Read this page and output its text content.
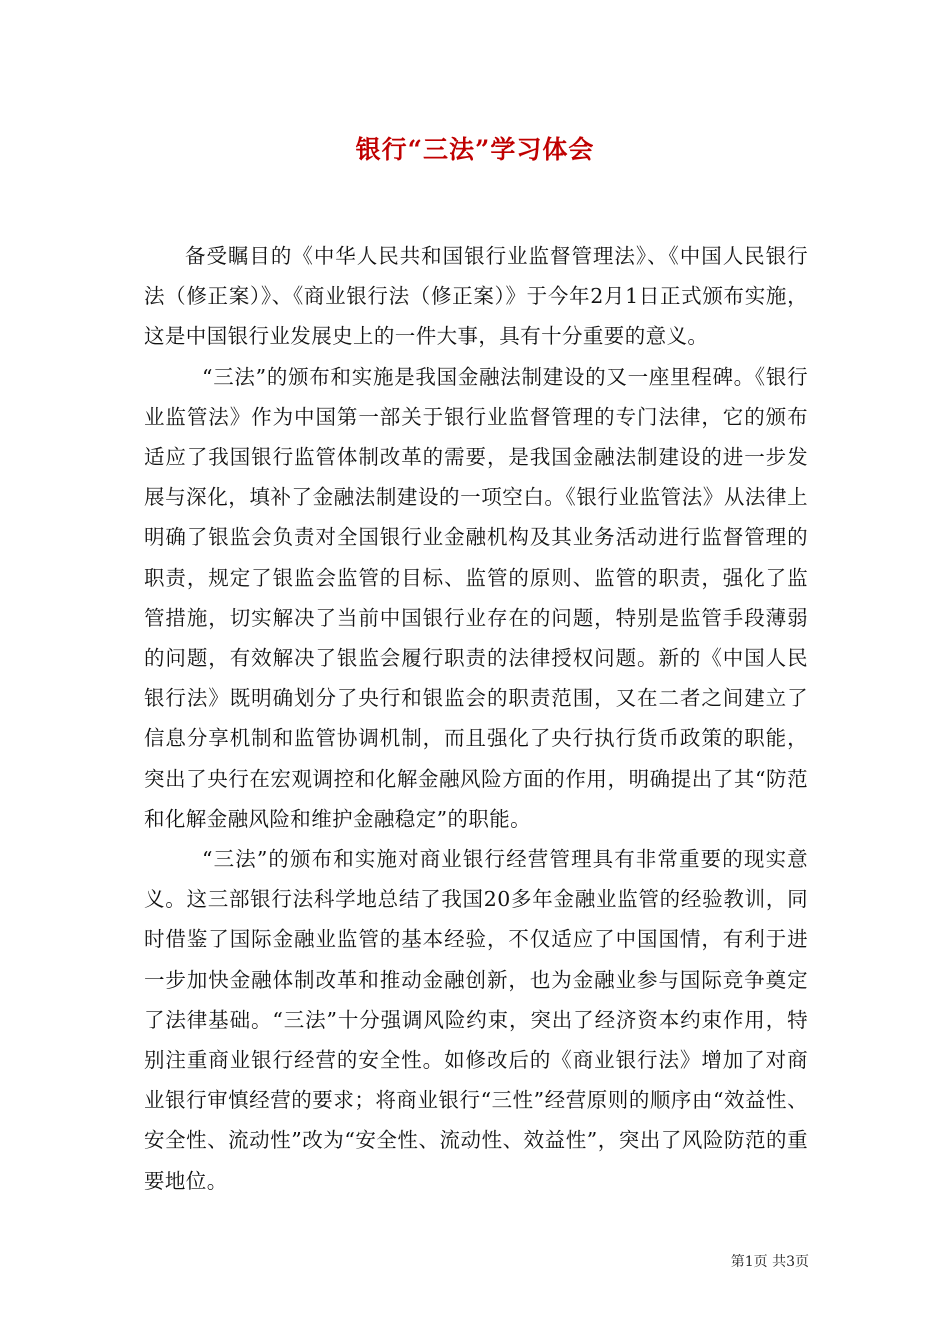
银行“三法”学习体会

备受瞩目的《中华人民共和国银行业监督管理法》、《中国人民银行法（修正案）》、《商业银行法（修正案）》于今年2月1日正式颁布实施，这是中国银行业发展史上的一件大事，具有十分重要的意义。

“三法”的颁布和实施是我国金融法制建设的又一座里程碑。《银行业监管法》作为中国第一部关于银行业监督管理的专门法律，它的颁布适应了我国银行监管体制改革的需要，是我国金融法制建设的进一步发展与深化，填补了金融法制建设的一项空白。《银行业监管法》从法律上明确了银监会负责对全国银行业金融机构及其业务活动进行监督管理的职责，规定了银监会监管的目标、监管的原则、监管的职责，强化了监管措施，切实解决了当前中国银行业存在的问题，特别是监管手段薄弱的问题，有效解决了银监会履行职责的法律授权问题。新的《中国人民银行法》既明确划分了央行和银监会的职责范围，又在二者之间建立了信息分享机制和监管协调机制，而且强化了央行执行货币政策的职能，突出了央行在宏观调控和化解金融风险方面的作用，明确提出了其“防范和化解金融风险和维护金融稳定”的职能。

“三法”的颁布和实施对商业银行经营管理具有非常重要的现实意义。这三部银行法科学地总结了我国20多年金融业监管的经验教训，同时借鉴了国际金融业监管的基本经验，不仅适应了中国国情，有利于进一步加快金融体制改革和推动金融创新，也为金融业参与国际竞争奠定了法律基础。“三法”十分强调风险约束，突出了经济资本约束作用，特别注重商业银行经营的安全性。如修改后的《商业银行法》增加了对商业银行审慎经营的要求；将商业银行“三性”经营原则的顺序由“效益性、安全性、流动性”改为“安全性、流动性、效益性”，突出了风险防范的重要地位。

第1页 共3页
